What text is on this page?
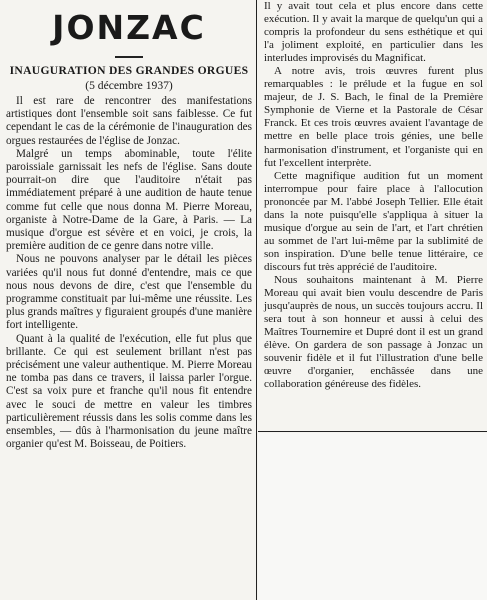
JONZAC
INAUGURATION DES GRANDES ORGUES
(5 décembre 1937)

Il est rare de rencontrer des manifestations artistiques dont l'ensemble soit sans faiblesse. Ce fut cependant le cas de la cérémonie de l'inauguration des orgues restaurées de l'église de Jonzac.

Malgré un temps abominable, toute l'élite paroissiale garnissait les nefs de l'église. Sans doute pourrait-on dire que l'auditoire n'était pas immédiatement préparé à une audition de haute tenue comme fut celle que nous donna M. Pierre Moreau, organiste à Notre-Dame de la Gare, à Paris. — La musique d'orgue est sévère et en voici, je crois, la première audition de ce genre dans notre ville.

Nous ne pouvons analyser par le détail les pièces variées qu'il nous fut donné d'entendre, mais ce que nous nous devons de dire, c'est que l'ensemble du programme constituait par lui-même une réussite. Les plus grands maîtres y figuraient groupés d'une manière fort intelligente.

Quant à la qualité de l'exécution, elle fut plus que brillante. Ce qui est seulement brillant n'est pas précisément une valeur authentique. M. Pierre Moreau ne tomba pas dans ce travers, il laissa parler l'orgue. C'est sa voix pure et franche qu'il nous fit entendre avec le souci de mettre en valeur les timbres particulièrement réussis dans les solis comme dans les ensembles, — dûs à l'harmonisation du jeune maître organier qu'est M. Boisseau, de Poitiers.

Il y avait tout cela et plus encore dans cette exécution. Il y avait la marque de quelqu'un qui a compris la profondeur du sens esthétique et qui l'a joliment exploité, en particulier dans les interludes improvisés du Magnificat.

A notre avis, trois œuvres furent plus remarquables : le prélude et la fugue en sol majeur, de J. S. Bach, le final de la Première Symphonie de Vierne et la Pastorale de César Franck. Et ces trois œuvres avaient l'avantage de mettre en belle place trois génies, une belle harmonisation d'instrument, et l'organiste qui en fut l'excellent interprète.

Cette magnifique audition fut un moment interrompue pour faire place à l'allocution prononcée par M. l'abbé Joseph Tellier. Elle était dans la note puisqu'elle s'appliqua à situer la musique d'orgue au sein de l'art, et l'art chrétien au sommet de l'art lui-même par la sublimité de son inspiration. D'une belle tenue littéraire, ce discours fut très apprécié de l'auditoire.

Nous souhaitons maintenant à M. Pierre Moreau qui avait bien voulu descendre de Paris jusqu'auprès de nous, un succès toujours accru. Il sera tout à son honneur et aussi à celui des Maîtres Tournemire et Dupré dont il est un grand élève. On gardera de son passage à Jonzac un souvenir fidèle et il fut l'illustration d'une belle œuvre d'organier, enchâssée dans une collaboration généreuse des fidèles.
